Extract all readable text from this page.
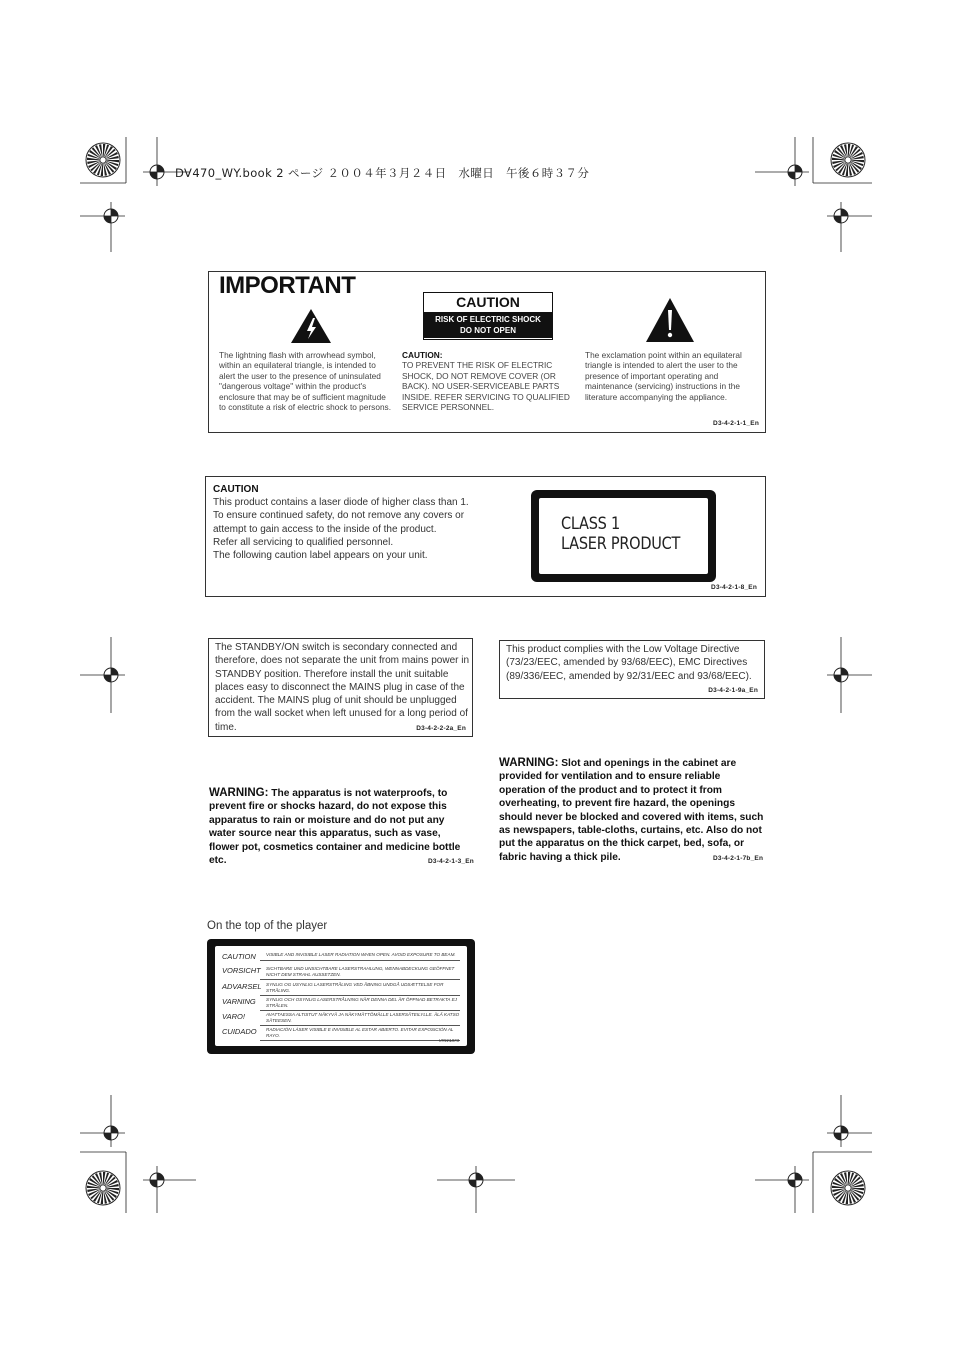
DV470_WY.book 2 ページ ２００４年３月２４日　水曜日　午後６時３７分
IMPORTANT
CAUTION
RISK OF ELECTRIC SHOCK
DO NOT OPEN
The lightning flash with arrowhead symbol, within an equilateral triangle, is intended to alert the user to the presence of uninsulated "dangerous voltage" within the product's enclosure that may be of sufficient magnitude to constitute a risk of electric shock to persons.
CAUTION:
TO PREVENT THE RISK OF ELECTRIC SHOCK, DO NOT REMOVE COVER (OR BACK). NO USER-SERVICEABLE PARTS INSIDE. REFER SERVICING TO QUALIFIED SERVICE PERSONNEL.
The exclamation point within an equilateral triangle is intended to alert the user to the presence of important operating and maintenance (servicing) instructions in the literature accompanying the appliance.
D3-4-2-1-1_En
CAUTION
This product contains a laser diode of higher class than 1. To ensure continued safety, do not remove any covers or attempt to gain access to the inside of the product.
Refer all servicing to qualified personnel.
The following caution label appears on your unit.
CLASS 1
LASER PRODUCT
D3-4-2-1-8_En
The STANDBY/ON switch is secondary connected and therefore, does not separate the unit from mains power in STANDBY position. Therefore install the unit suitable places easy to disconnect the MAINS plug in case of the accident. The MAINS plug of unit should be unplugged from the wall socket when left unused for a long period of time.	D3-4-2-2-2a_En
This product complies with the Low Voltage Directive (73/23/EEC, amended by 93/68/EEC), EMC Directives (89/336/EEC, amended by 92/31/EEC and 93/68/EEC).
D3-4-2-1-9a_En
WARNING: The apparatus is not waterproofs, to prevent fire or shocks hazard, do not expose this apparatus to rain or moisture and do not put any water source near this apparatus, such as vase, flower pot, cosmetics container and medicine bottle etc.	D3-4-2-1-3_En
WARNING: Slot and openings in the cabinet are provided for ventilation and to ensure reliable operation of the product and to protect it from overheating, to prevent fire hazard, the openings should never be blocked and covered with items, such as newspapers, table-cloths, curtains, etc. Also do not put the apparatus on the thick carpet, bed, sofa, or fabric having a thick pile.	D3-4-2-1-7b_En
On the top of the player
CAUTION	VISIBLE AND INVISIBLE LASER RADIATION WHEN OPEN. AVOID EXPOSURE TO BEAM.
VORSICHT	SICHTBARE UND UNSICHTBARE LASERSTRAHLUNG, WENNABDECKUNG GEÖFFNET NICHT DEM STRAHL AUSSETZEN.
ADVARSEL SYNLIG OG USYNLIG LASERSTRÅLING VED ÅBNING UNDGÅ UDSÆTTELSE FOR STRÅLING.
VARNING	SYNLIG OCH OSYNLIG LASERSTRÅLNING NÄR DENNA DEL ÄR ÖPPNAD BETRAKTA EJ STRÅLEN.
VARO!	AVATTAESSA ALTISTUT NÄKYVÄ JA NÄKYMÄTTÖMÄLLE LASERSÄTEILYLLE. ÄLÄ KATSO SÄTEESEN.
CUIDADO	RADIACIÓN LÁSER VISIBLE E INVISIBLE AL ESTAR ABIERTO. EVITAR EXPOSICIÓN AL RAYO.
VRW1873
